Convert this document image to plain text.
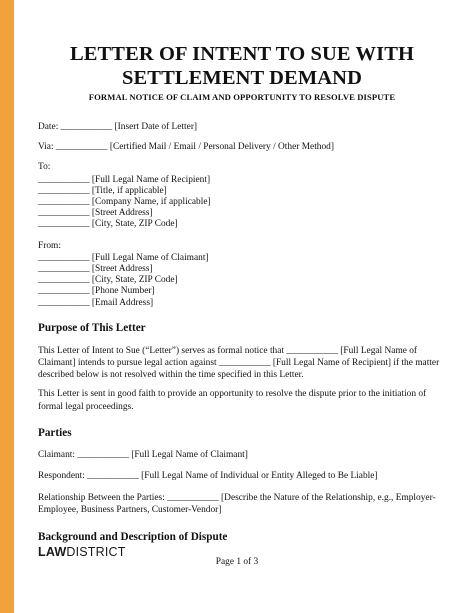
LETTER OF INTENT TO SUE WITH
SETTLEMENT DEMAND
FORMAL NOTICE OF CLAIM AND OPPORTUNITY TO RESOLVE DISPUTE
Date: ___________ [Insert Date of Letter]
Via: ___________ [Certified Mail / Email / Personal Delivery / Other Method]
To:
___________ [Full Legal Name of Recipient]
___________ [Title, if applicable]
___________ [Company Name, if applicable]
___________ [Street Address]
___________ [City, State, ZIP Code]
From:
___________ [Full Legal Name of Claimant]
___________ [Street Address]
___________ [City, State, ZIP Code]
___________ [Phone Number]
___________ [Email Address]
Purpose of This Letter
This Letter of Intent to Sue (“Letter”) serves as formal notice that ___________ [Full Legal Name of Claimant] intends to pursue legal action against ___________ [Full Legal Name of Recipient] if the matter described below is not resolved within the time specified in this Letter.
This Letter is sent in good faith to provide an opportunity to resolve the dispute prior to the initiation of formal legal proceedings.
Parties
Claimant: ___________ [Full Legal Name of Claimant]
Respondent: ___________ [Full Legal Name of Individual or Entity Alleged to Be Liable]
Relationship Between the Parties: ___________ [Describe the Nature of the Relationship, e.g., Employer-Employee, Business Partners, Customer-Vendor]
Background and Description of Dispute
LAWDISTRICT
Page 1 of 3
